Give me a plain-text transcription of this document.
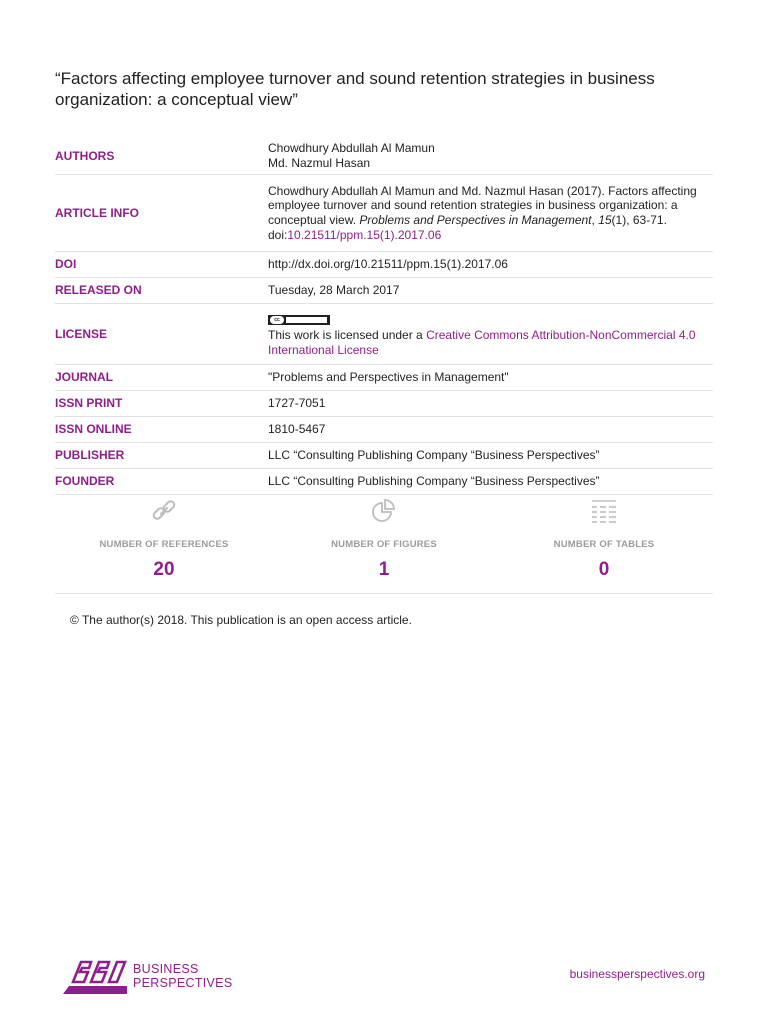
“Factors affecting employee turnover and sound retention strategies in business organization: a conceptual view”
AUTHORS	Chowdhury Abdullah Al Mamun
Md. Nazmul Hasan

ARTICLE INFO	Chowdhury Abdullah Al Mamun and Md. Nazmul Hasan (2017). Factors affecting
employee turnover and sound retention strategies in business organization: a
conceptual view. Problems and Perspectives in Management, 15(1), 63-71.
doi:10.21511/ppm.15(1).2017.06

DOI	http://dx.doi.org/10.21511/ppm.15(1).2017.06
RELEASED ON	Tuesday, 28 March 2017
LICENSE	cc
This work is licensed under a Creative Commons Attribution-NonCommercial 4.0
International License

JOURNAL	"Problems and Perspectives in Management"
ISSN PRINT	1727-7051
ISSN ONLINE	1810-5467
PUBLISHER	LLC “Consulting Publishing Company “Business Perspectives”
FOUNDER	LLC “Consulting Publishing Company “Business Perspectives”
NUMBER OF REFERENCES
20
NUMBER OF FIGURES
1
NUMBER OF TABLES
0
© The author(s) 2018. This publication is an open access article.
BUSINESS
PERSPECTIVES
businessperspectives.org
